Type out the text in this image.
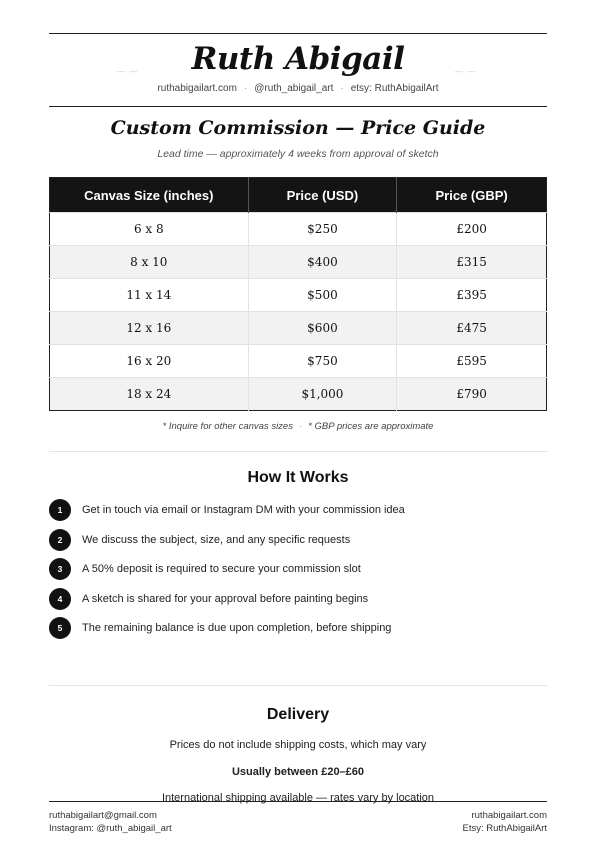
— —	Ruth Abigail	— —
ruthabigailart.com · @ruth_abigail_art · etsy: RuthAbigailArt
Custom Commission — Price Guide
Lead time — approximately 4 weeks from approval of sketch
Canvas Size (inches)	Price (USD)	Price (GBP)
6 x 8	$250	£200
8 x 10	$400	£315
11 x 14	$500	£395
12 x 16	$600	£475
16 x 20	$750	£595
18 x 24	$1,000	£790
* Inquire for other canvas sizes · * GBP prices are approximate
How It Works
1	Get in touch via email or Instagram DM with your commission idea
2	We discuss the subject, size, and any specific requests
3	A 50% deposit is required to secure your commission slot
4	A sketch is shared for your approval before painting begins
5	The remaining balance is due upon completion, before shipping
Delivery
Prices do not include shipping costs, which may vary
Usually between £20–£60
International shipping available — rates vary by location
ruthabigailart@gmail.com
Instagram: @ruth_abigail_art
ruthabigailart.com
Etsy: RuthAbigailArt
